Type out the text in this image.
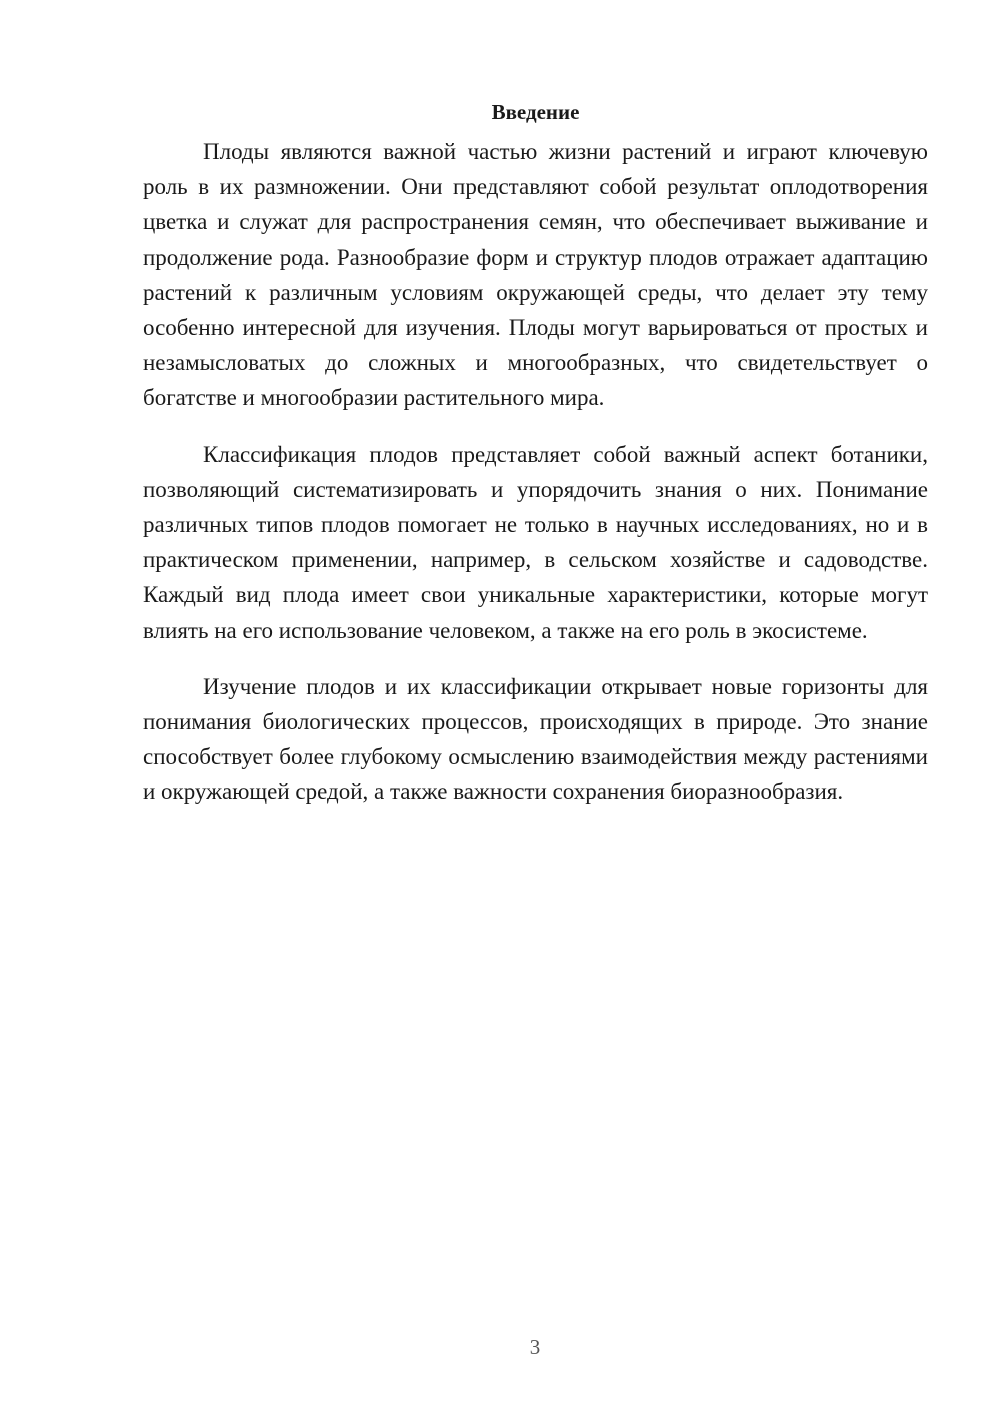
Введение

Плоды являются важной частью жизни растений и играют ключевую роль в их размножении. Они представляют собой результат оплодотворения цветка и служат для распространения семян, что обеспечивает выживание и продолжение рода. Разнообразие форм и структур плодов отражает адаптацию растений к различным условиям окружающей среды, что делает эту тему особенно интересной для изучения. Плоды могут варьироваться от простых и незамысловатых до сложных и многообразных, что свидетельствует о богатстве и многообразии растительного мира.

Классификация плодов представляет собой важный аспект ботаники, позволяющий систематизировать и упорядочить знания о них. Понимание различных типов плодов помогает не только в научных исследованиях, но и в практическом применении, например, в сельском хозяйстве и садоводстве. Каждый вид плода имеет свои уникальные характеристики, которые могут влиять на его использование человеком, а также на его роль в экосистеме.

Изучение плодов и их классификации открывает новые горизонты для понимания биологических процессов, происходящих в природе. Это знание способствует более глубокому осмыслению взаимодействия между растениями и окружающей средой, а также важности сохранения биоразнообразия.

3
